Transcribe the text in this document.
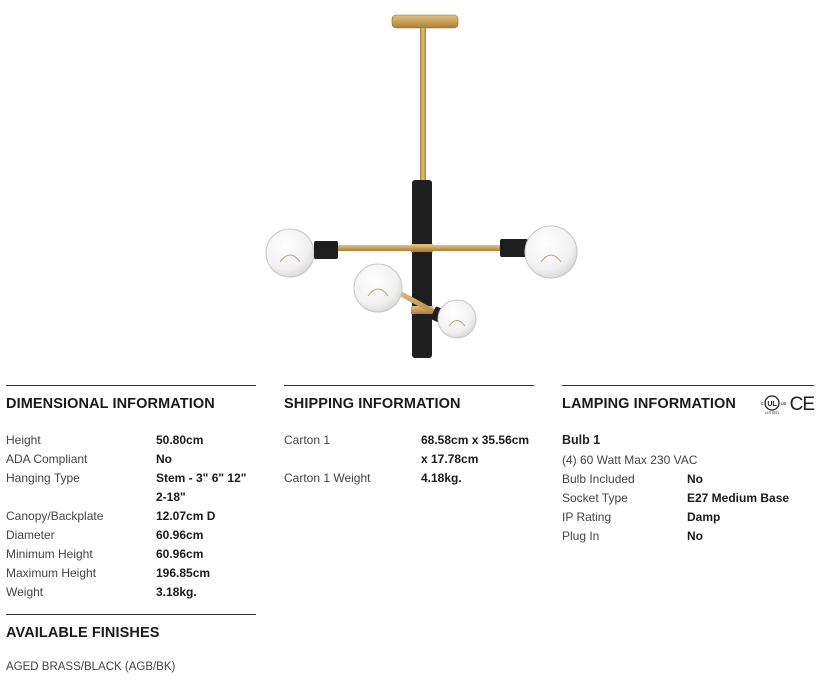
DIMENSIONAL INFORMATION
Height	50.80cm
ADA Compliant	No
Hanging Type	Stem - 3" 6" 12"
2-18"
Canopy/Backplate	12.07cm D
Diameter	60.96cm
Minimum Height	60.96cm
Maximum Height	196.85cm
Weight	3.18kg.
SHIPPING INFORMATION
Carton 1	68.58cm x 35.56cm
x 17.78cm
Carton 1 Weight	4.18kg.
LAMPING INFORMATION	UL
c	us
LISTED CE
Bulb 1
(4) 60 Watt Max 230 VAC
Bulb Included	No
Socket Type	E27 Medium Base
IP Rating	Damp
Plug In	No
AVAILABLE FINISHES
AGED BRASS/BLACK (AGB/BK)
